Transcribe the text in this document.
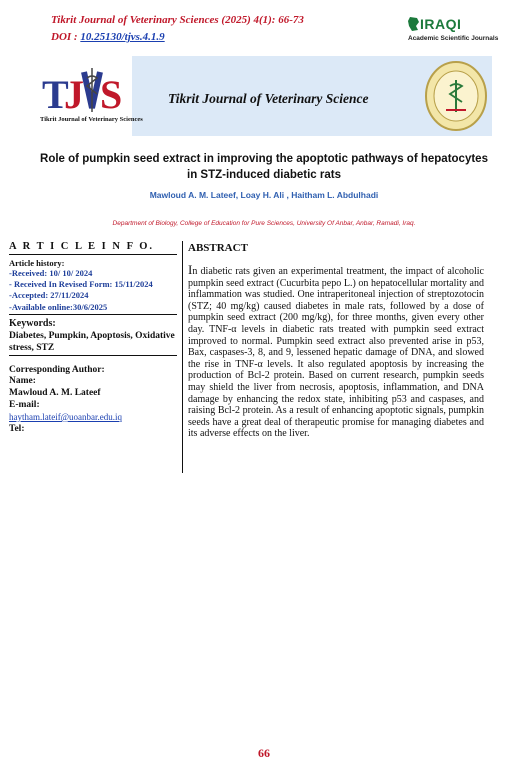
Tikrit Journal of Veterinary Sciences (2025) 4(1): 66-73
DOI : 10.25130/tjvs.4.1.9
IRAQI
Academic Scientific Journals
T
J S
Tikrit Journal of Veterinary Sciences
Tikrit Journal of Veterinary Science
Role of pumpkin seed extract in improving the apoptotic pathways of hepatocytes in STZ-induced diabetic rats
Mawloud A. M. Lateef, Loay H. Ali , Haitham L. Abdulhadi
Department of Biology, College of Education for Pure Sciences, University Of Anbar, Anbar, Ramadi, Iraq.
A R T I C L E I N F O.
Article history:
-Received: 10/ 10/ 2024
- Received In Revised Form: 15/11/2024
-Accepted: 27/11/2024
-Available online:30/6/2025
Keywords:
Diabetes, Pumpkin, Apoptosis, Oxidative stress, STZ
Corresponding Author:
Name:
Mawloud A. M. Lateef
E-mail:
haytham.lateif@uoanbar.edu.iq
Tel:
ABSTRACT
In diabetic rats given an experimental treatment, the impact of alcoholic pumpkin seed extract (Cucurbita pepo L.) on hepatocellular mortality and inflammation was studied. One intraperitoneal injection of streptozotocin (STZ; 40 mg/kg) caused diabetes in male rats, followed by a dose of pumpkin seed extract (200 mg/kg), for three months, given every other day. TNF-α levels in diabetic rats treated with pumpkin seed extract improved to normal. Pumpkin seed extract also prevented arise in p53, Bax, caspases-3, 8, and 9, lessened hepatic damage of DNA, and slowed the rise in TNF-α levels. It also regulated apoptosis by increasing the production of Bcl-2 protein. Based on current research, pumpkin seeds may shield the liver from necrosis, apoptosis, inflammation, and DNA damage by enhancing the redox state, inhibiting p53 and caspases, and raising Bcl-2 protein. As a result of enhancing apoptotic signals, pumpkin seeds have a great deal of therapeutic promise for managing diabetes and its adverse effects on the liver.
66
